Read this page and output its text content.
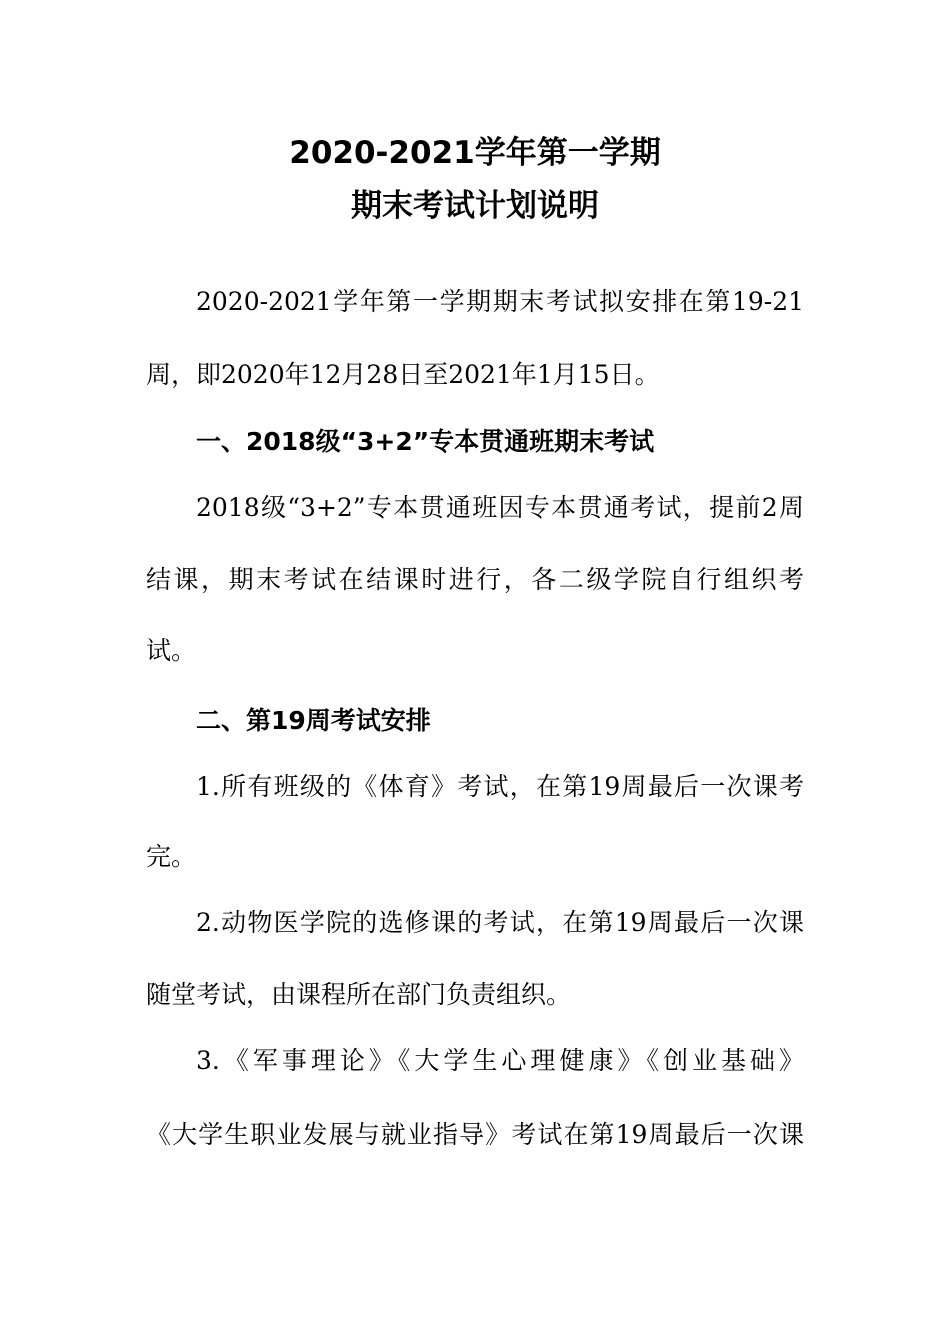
2020-2021学年第一学期
期末考试计划说明
2020-2021学年第一学期期末考试拟安排在第19-21
周，即2020年12月28日至2021年1月15日。
一、2018级“3+2”专本贯通班期末考试
2018级“3+2”专本贯通班因专本贯通考试，提前2周
结课，期末考试在结课时进行，各二级学院自行组织考
试。
二、第19周考试安排
1.所有班级的《体育》考试，在第19周最后一次课考
完。
2.动物医学院的选修课的考试，在第19周最后一次课
随堂考试，由课程所在部门负责组织。
3.《军事理论》《大学生心理健康》《创业基础》
《大学生职业发展与就业指导》考试在第19周最后一次课
